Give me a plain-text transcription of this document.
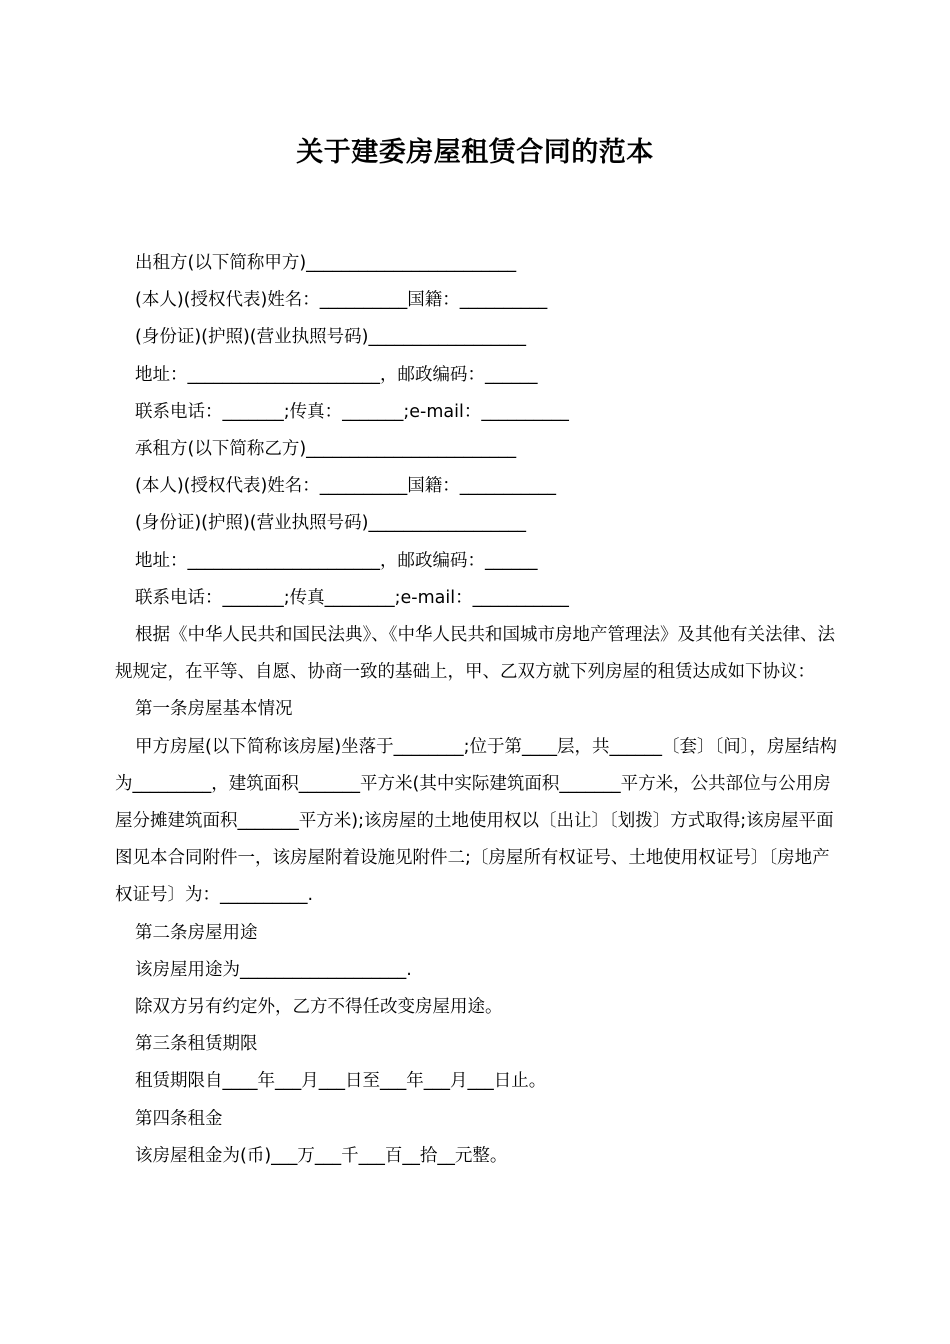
关于建委房屋租赁合同的范本

出租方(以下简称甲方)________________________

(本人)(授权代表)姓名：__________国籍：__________

(身份证)(护照)(营业执照号码)__________________

地址：______________________，邮政编码：______

联系电话：_______;传真：_______;e-mail：__________

承租方(以下简称乙方)________________________

(本人)(授权代表)姓名：__________国籍：___________

(身份证)(护照)(营业执照号码)__________________

地址：______________________，邮政编码：______

联系电话：_______;传真________;e-mail：___________

根据《中华人民共和国民法典》、《中华人民共和国城市房地产管理法》及其他有关法律、法规规定，在平等、自愿、协商一致的基础上，甲、乙双方就下列房屋的租赁达成如下协议：

第一条房屋基本情况

甲方房屋(以下简称该房屋)坐落于________;位于第____层，共______〔套〕〔间〕，房屋结构为_________，建筑面积_______平方米(其中实际建筑面积_______平方米，公共部位与公用房屋分摊建筑面积_______平方米);该房屋的土地使用权以〔出让〕〔划拨〕方式取得;该房屋平面图见本合同附件一，该房屋附着设施见附件二;〔房屋所有权证号、土地使用权证号〕〔房地产权证号〕为：__________.

第二条房屋用途

该房屋用途为___________________.

除双方另有约定外，乙方不得任改变房屋用途。

第三条租赁期限

租赁期限自____年___月___日至___年___月___日止。

第四条租金

该房屋租金为(币)___万___千___百__拾__元整。
